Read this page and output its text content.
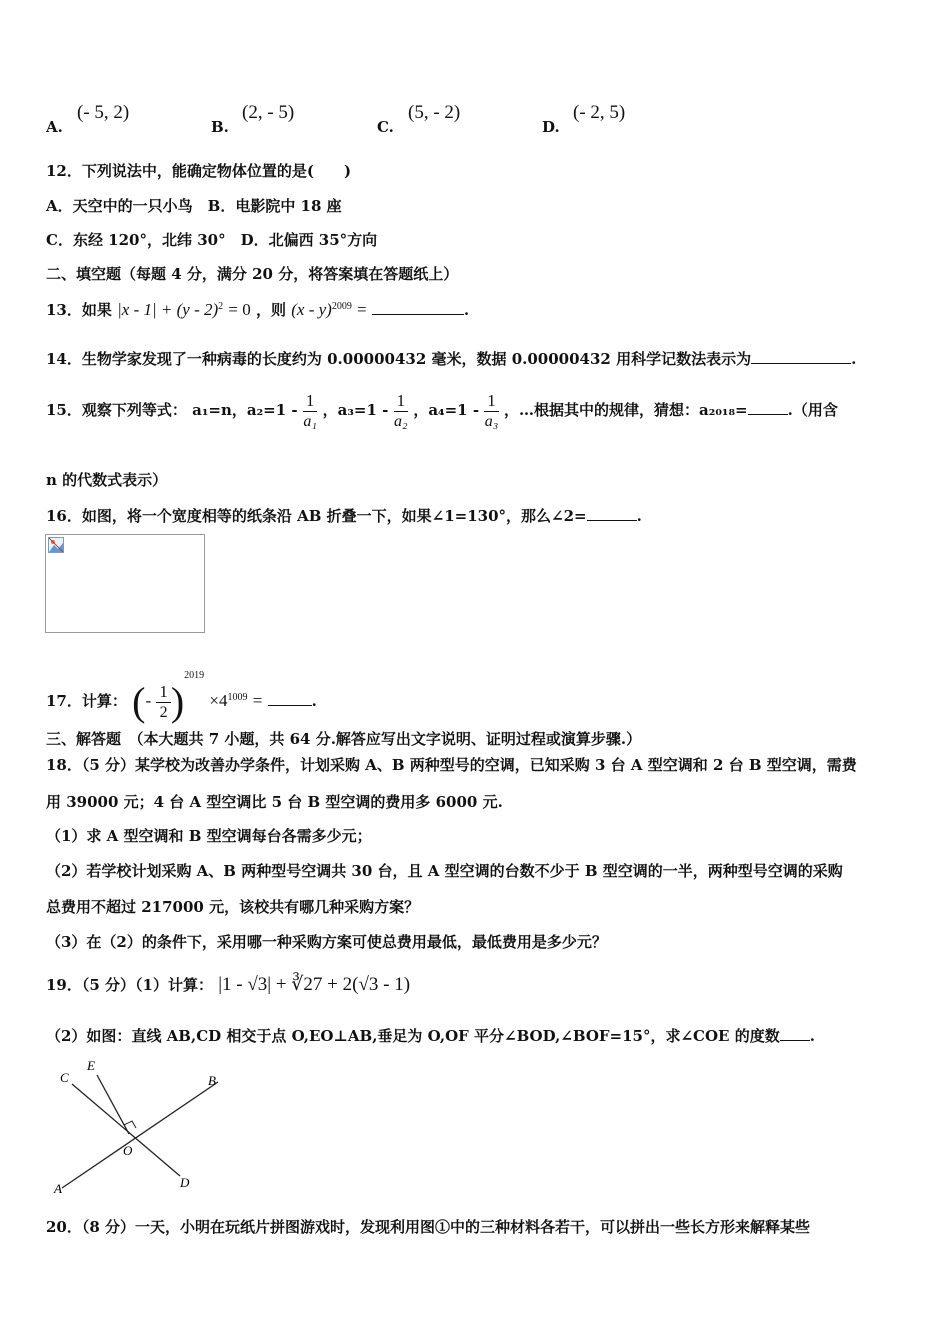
A.
(- 5, 2)
B.
(2, - 5)
C.
(5, - 2)
D.
(- 2, 5)
12．下列说法中，能确定物体位置的是(　　)
A．天空中的一只小鸟　B．电影院中 18 座
C．东经 120°，北纬 30°　D．北偏西 35°方向
二、填空题（每题 4 分，满分 20 分，将答案填在答题纸上）
13．如果 |x - 1| + (y - 2)$^2$ = 0 ，则 (x - y)$^{2009}$ =	.
14．生物学家发现了一种病毒的长度约为 0.00000432 毫米，数据 0.00000432 用科学记数法表示为	.
15．观察下列等式： a₁=n，$a_2=1 - \frac{1}{\text{a₁}}$ ，$a_3=1 - \frac{1}{\text{a₂}}$ ，$a_4=1 - \frac{1}{\text{a₃}}$ ，…根据其中的规律，猜想：a₂₀₁₈=	.（用含
n 的代数式表示）
16．如图，将一个宽度相等的纸条沿 AB 折叠一下，如果∠1=130°，那么∠2=	.
17．计算： (- $\frac{1}{2} )^{2019} \times 4^{1009}$ =	.
三、解答题　（本大题共 7 小题，共 64 分.解答应写出文字说明、证明过程或演算步骤.）
18．（5 分）某学校为改善办学条件，计划采购 A、B 两种型号的空调，已知采购 3 台 A 型空调和 2 台 B 型空调，需费
用 39000 元；4 台 A 型空调比 5 台 B 型空调的费用多 6000 元.
（1）求 A 型空调和 B 型空调每台各需多少元；
（2）若学校计划采购 A、B 两种型号空调共 30 台，且 A 型空调的台数不少于 B 型空调的一半，两种型号空调的采购
总费用不超过 217000 元，该校共有哪几种采购方案？
（3）在（2）的条件下，采用哪一种采购方案可使总费用最低，最低费用是多少元？
19．（5 分）（1）计算： |1 - √3| + ∛27 + 2(√3 - 1)
（2）如图：直线 AB,CD 相交于点 O,EO⊥AB,垂足为 O,OF 平分∠BOD,∠BOF=15°，求∠COE 的度数 .
C
E
B
O
A	D
20．（8 分）一天，小明在玩纸片拼图游戏时，发现利用图①中的三种材料各若干，可以拼出一些长方形来解释某些
